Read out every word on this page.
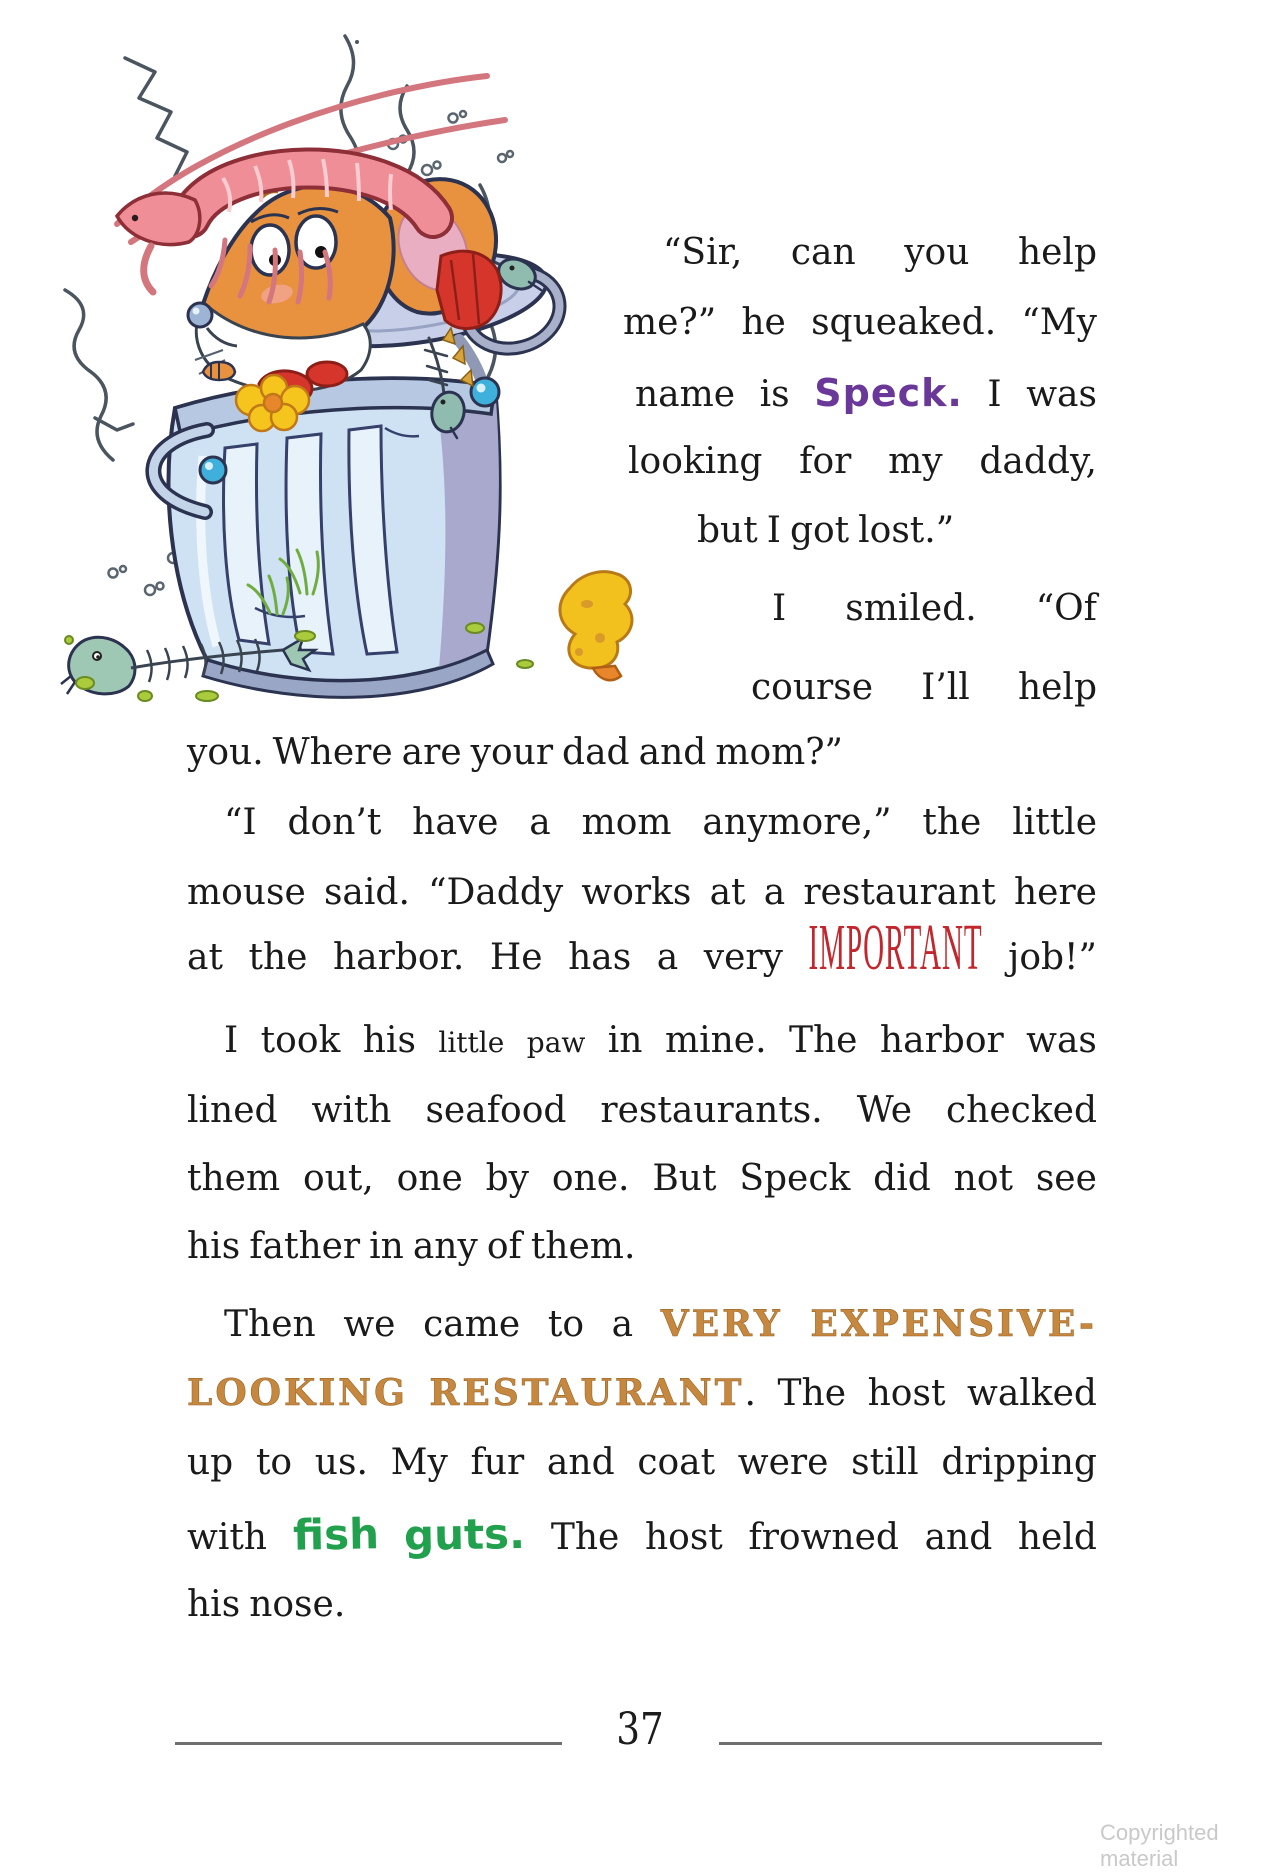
“Sir, can you help
me?” he squeaked. “My
name is Speck. I was
looking for my daddy,
but I got lost.”
I smiled. “Of
course I’ll help
you. Where are your dad and mom?”
“I don’t have a mom anymore,” the little
mouse said. “Daddy works at a restaurant here
at the harbor. He has a very IMPORTANT job!”
I took his little paw in mine. The harbor was
lined with seafood restaurants. We checked
them out, one by one. But Speck did not see
his father in any of them.
Then we came to a VERY EXPENSIVE-
LOOKING RESTAURANT. The host walked
up to us. My fur and coat were still dripping
with fish guts. The host frowned and held
his nose.
37
Copyrighted material
